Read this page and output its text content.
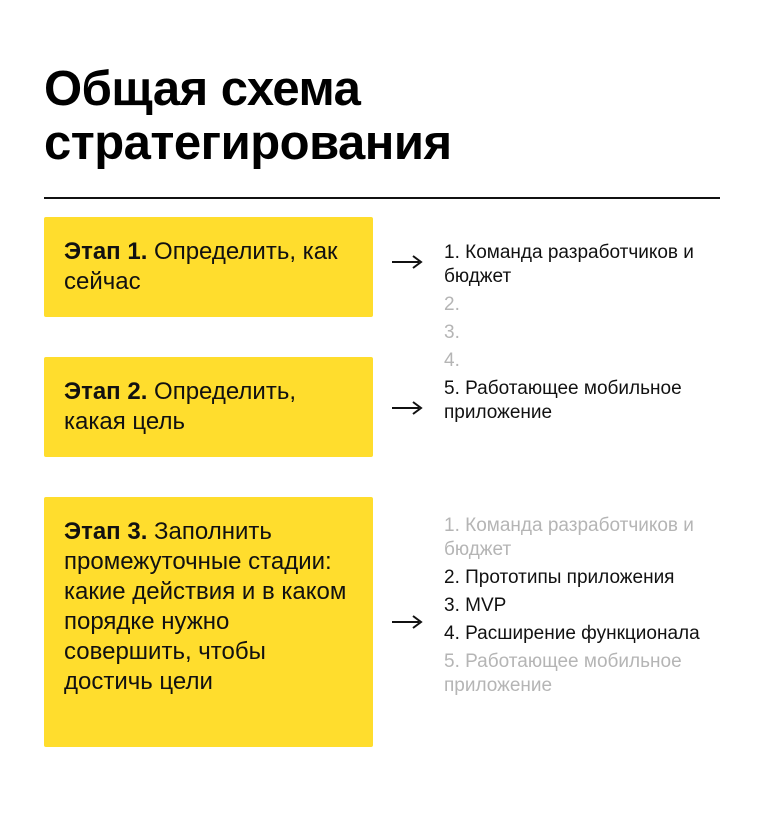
Общая схема
стратегирования
Этап 1. Определить, как сейчас
Этап 2. Определить, какая цель
Этап 3. Заполнить промежуточные стадии: какие действия и в каком порядке нужно совершить, чтобы достичь цели
1. Команда разработчиков и бюджет
2.
3.
4.
5. Работающее мобильное приложение
1. Команда разработчиков и бюджет
2. Прототипы приложения
3. MVP
4. Расширение функционала
5. Работающее мобильное приложение
